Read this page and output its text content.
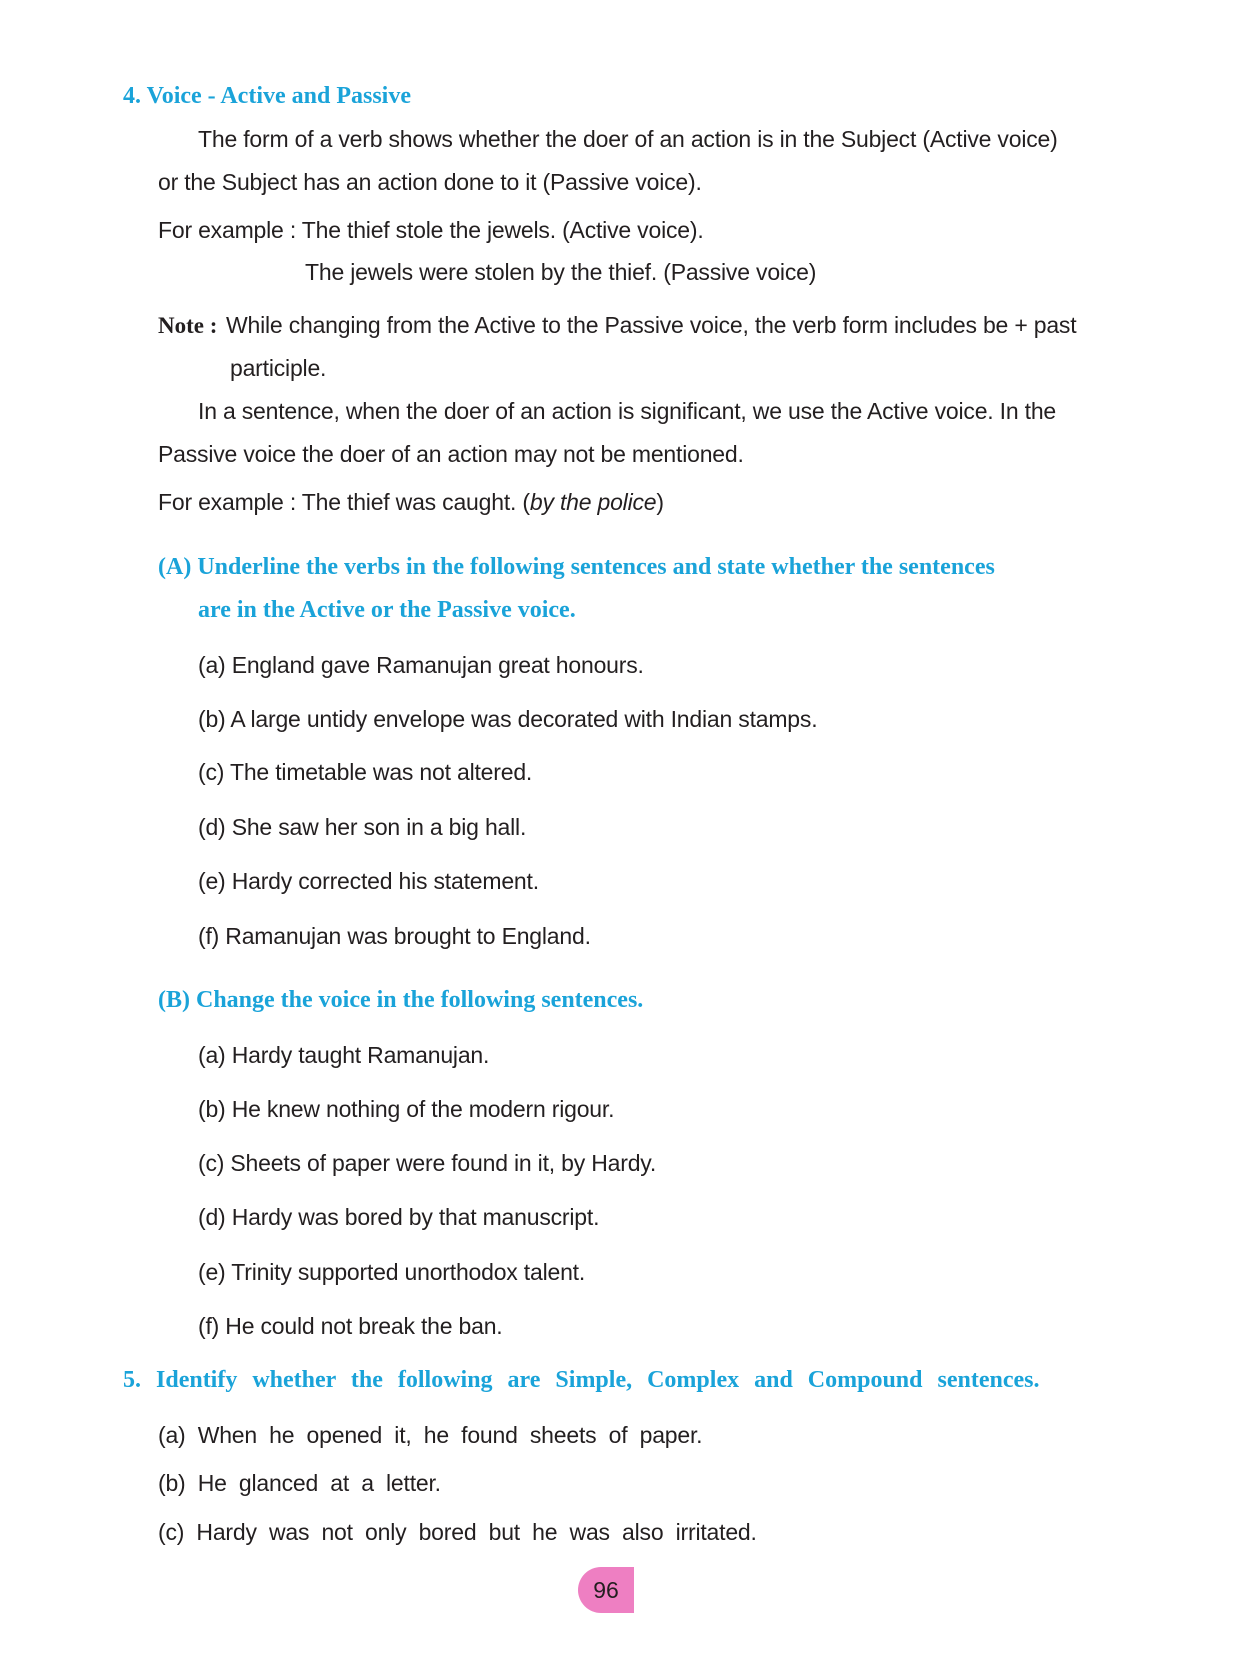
4. Voice - Active and Passive
The form of a verb shows whether the doer of an action is in the Subject (Active voice)
or the Subject has an action done to it (Passive voice).
For example : The thief stole the jewels. (Active voice).
The jewels were stolen by the thief. (Passive voice)
Note : While changing from the Active to the Passive voice, the verb form includes be + past
participle.
In a sentence, when the doer of an action is significant, we use the Active voice. In the
Passive voice the doer of an action may not be mentioned.
For example : The thief was caught. (by the police)
(A) Underline the verbs in the following sentences and state whether the sentences
are in the Active or the Passive voice.
(a) England gave Ramanujan great honours.
(b) A large untidy envelope was decorated with Indian stamps.
(c) The timetable was not altered.
(d) She saw her son in a big hall.
(e) Hardy corrected his statement.
(f) Ramanujan was brought to England.
(B) Change the voice in the following sentences.
(a) Hardy taught Ramanujan.
(b) He knew nothing of the modern rigour.
(c) Sheets of paper were found in it, by Hardy.
(d) Hardy was bored by that manuscript.
(e) Trinity supported unorthodox talent.
(f) He could not break the ban.
5. Identify whether the following are Simple, Complex and Compound sentences.
(a) When he opened it, he found sheets of paper.
(b) He glanced at a letter.
(c) Hardy was not only bored but he was also irritated.
96
